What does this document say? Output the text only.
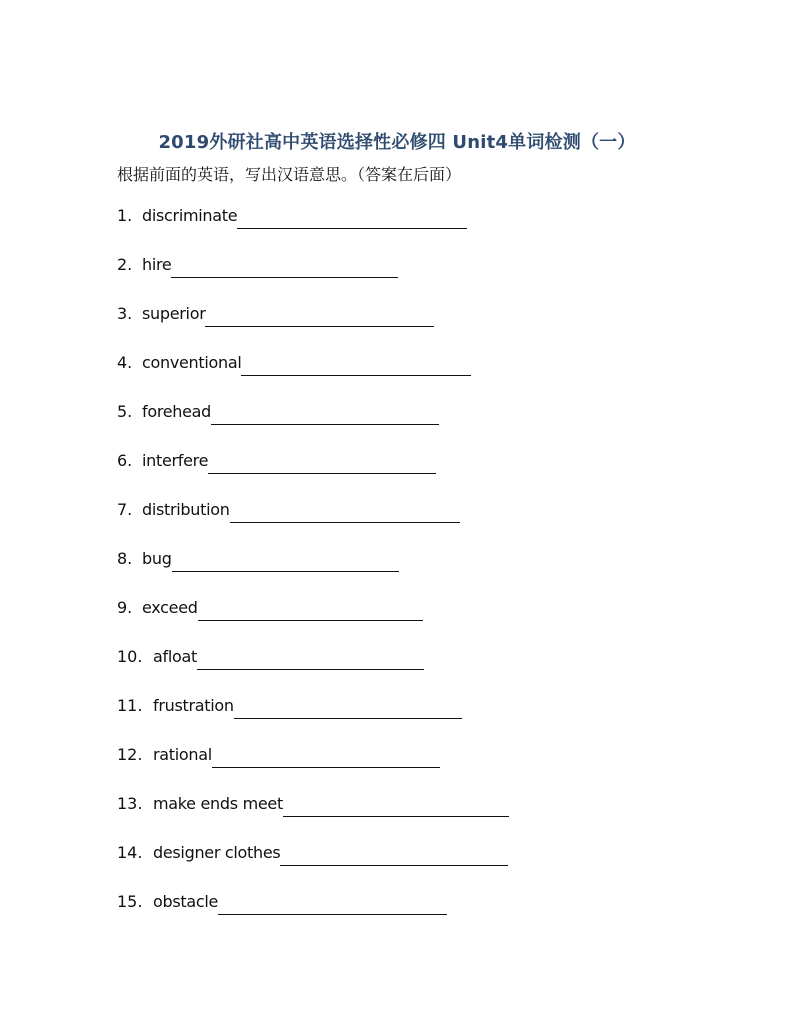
2019外研社高中英语选择性必修四 Unit4单词检测（一）
根据前面的英语，写出汉语意思。（答案在后面）
1. discriminate
2. hire
3. superior
4. conventional
5. forehead
6. interfere
7. distribution
8. bug
9. exceed
10. afloat
11. frustration
12. rational
13. make ends meet
14. designer clothes
15. obstacle
